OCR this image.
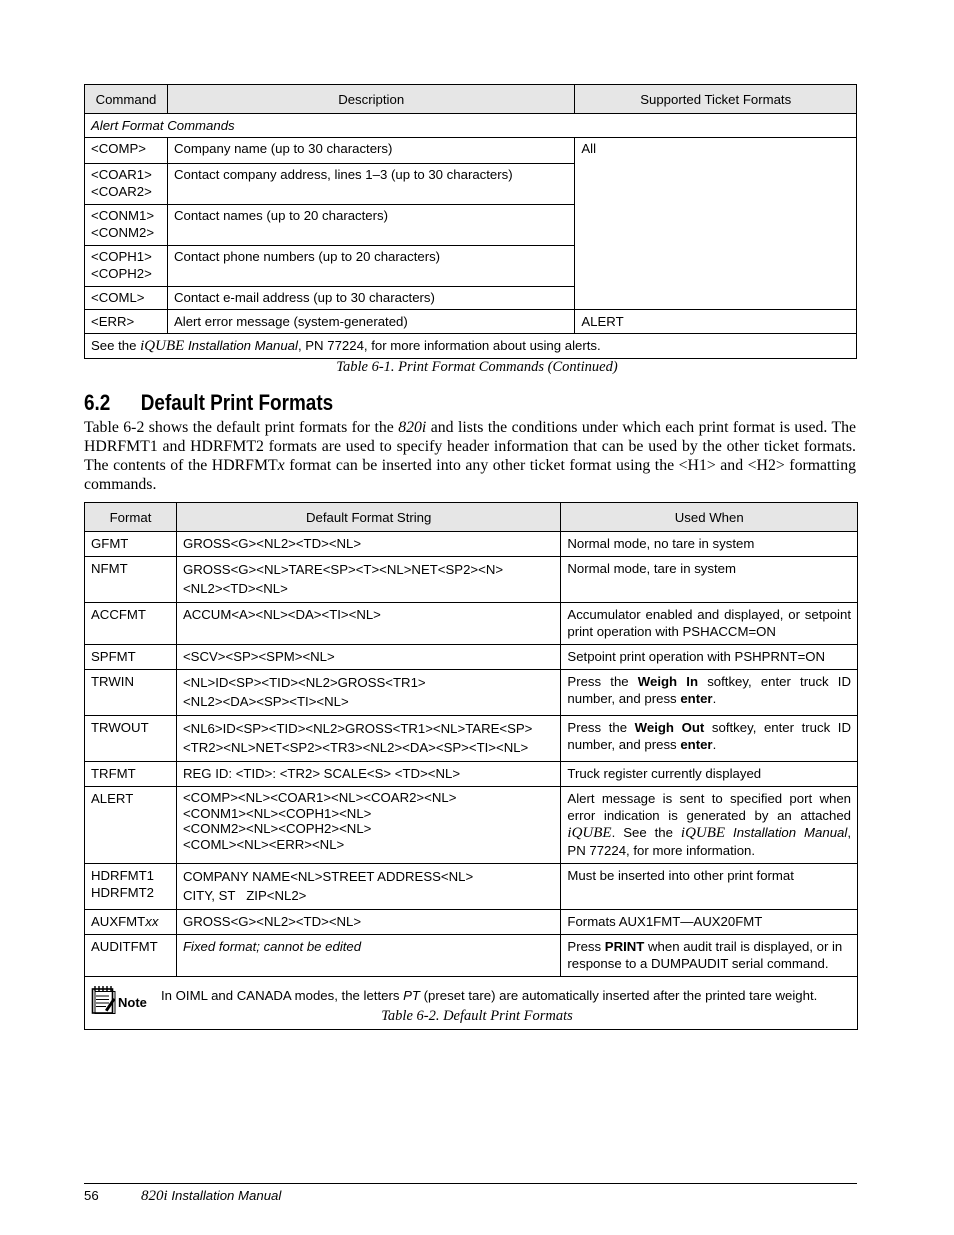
Command	Description	Supported Ticket Formats
Alert Format Commands		
<COMP>	Company name (up to 30 characters)	All
<COAR1>
<COAR2>	Contact company address, lines 1–3 (up to 30 characters)	
<CONM1>
<CONM2>	Contact names (up to 20 characters)	
<COPH1>
<COPH2>	Contact phone numbers (up to 20 characters)	
<COML>	Contact e-mail address (up to 30 characters)	
<ERR>	Alert error message (system-generated)	ALERT
See the iQUBE Installation Manual, PN 77224, for more information about using alerts.		
Table 6-1. Print Format Commands (Continued)
6.2 Default Print Formats
Table 6-2 shows the default print formats for the 820i and lists the conditions under which each print format is used. The HDRFMT1 and HDRFMT2 formats are used to specify header information that can be used by the other ticket formats. The contents of the HDRFMTx format can be inserted into any other ticket format using the <H1> and <H2> formatting commands.
Format	Default Format String	Used When
GFMT	GROSS<G><NL2><TD><NL>	Normal mode, no tare in system
NFMT	GROSS<G><NL>TARE<SP><T><NL>NET<SP2><N>
<NL2><TD><NL>	Normal mode, tare in system
ACCFMT	ACCUM<A><NL><DA><TI><NL>	Accumulator enabled and displayed, or setpoint print operation with PSHACCM=ON
SPFMT	<SCV><SP><SPM><NL>	Setpoint print operation with PSHPRNT=ON
TRWIN	<NL>ID<SP><TID><NL2>GROSS<TR1>
<NL2><DA><SP><TI><NL>	Press the Weigh In softkey, enter truck ID number, and press enter.
TRWOUT	<NL6>ID<SP><TID><NL2>GROSS<TR1><NL>TARE<SP>
<TR2><NL>NET<SP2><TR3><NL2><DA><SP><TI><NL>	Press the Weigh Out softkey, enter truck ID number, and press enter.
TRFMT	REG ID: <TID>: <TR2> SCALE<S> <TD><NL>	Truck register currently displayed
ALERT	<COMP><NL><COAR1><NL><COAR2><NL>
<CONM1><NL><COPH1><NL>
<CONM2><NL><COPH2><NL>
<COML><NL><ERR><NL>	Alert message is sent to specified port when error indication is generated by an attached iQUBE. See the iQUBE Installation Manual, PN 77224, for more information.
HDRFMT1
HDRFMT2	COMPANY NAME<NL>STREET ADDRESS<NL>
CITY, ST   ZIP<NL2>	Must be inserted into other print format
AUXFMTxx	GROSS<G><NL2><TD><NL>	Formats AUX1FMT—AUX20FMT
AUDITFMT	Fixed format; cannot be edited	Press PRINT when audit trail is displayed, or in response to a DUMPAUDIT serial command.

Note In OIML and CANADA modes, the letters PT (preset tare) are automatically inserted after the printed tare weight.		
Table 6-2. Default Print Formats
56	820i Installation Manual
